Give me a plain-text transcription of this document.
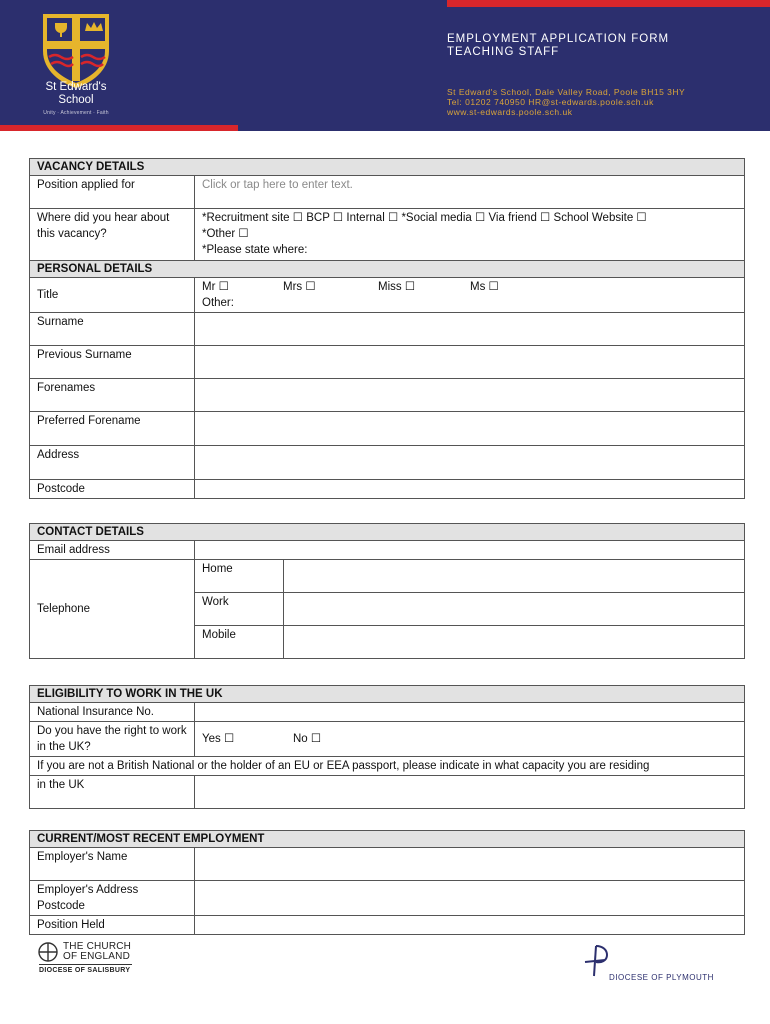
St Edward's
School
Unity · Achievement · Faith
EMPLOYMENT APPLICATION FORM
TEACHING STAFF
St Edward's School, Dale Valley Road, Poole BH15 3HY
Tel: 01202 740950 HR@st-edwards.poole.sch.uk
www.st-edwards.poole.sch.uk
VACANCY DETAILS	
Position applied for	Click or tap here to enter text.
Where did you hear about this vacancy?	*Recruitment site ☐ BCP ☐ Internal ☐ *Social media ☐ Via friend ☐ School Website ☐
*Other ☐
*Please state where:

PERSONAL DETAILS	
Title	Mr ☐ Mrs ☐ Miss ☐ Ms ☐
Other:

Surname	
Previous Surname	
Forenames	
Preferred Forename	
Address	
Postcode	
CONTACT DETAILS		
Email address		
Telephone	Home	
	Work	
	Mobile	
ELIGIBILITY TO WORK IN THE UK	
National Insurance No.	
Do you have the right to work in the UK?	Yes ☐ No ☐

If you are not a British National or the holder of an EU or EEA passport, please indicate in what capacity you are residing	
in the UK	
CURRENT/MOST RECENT EMPLOYMENT	
Employer's Name	

Employer's Address
Postcode	

Position Held	
THE CHURCH
OF ENGLAND
DIOCESE OF SALISBURY
DIOCESE OF PLYMOUTH
